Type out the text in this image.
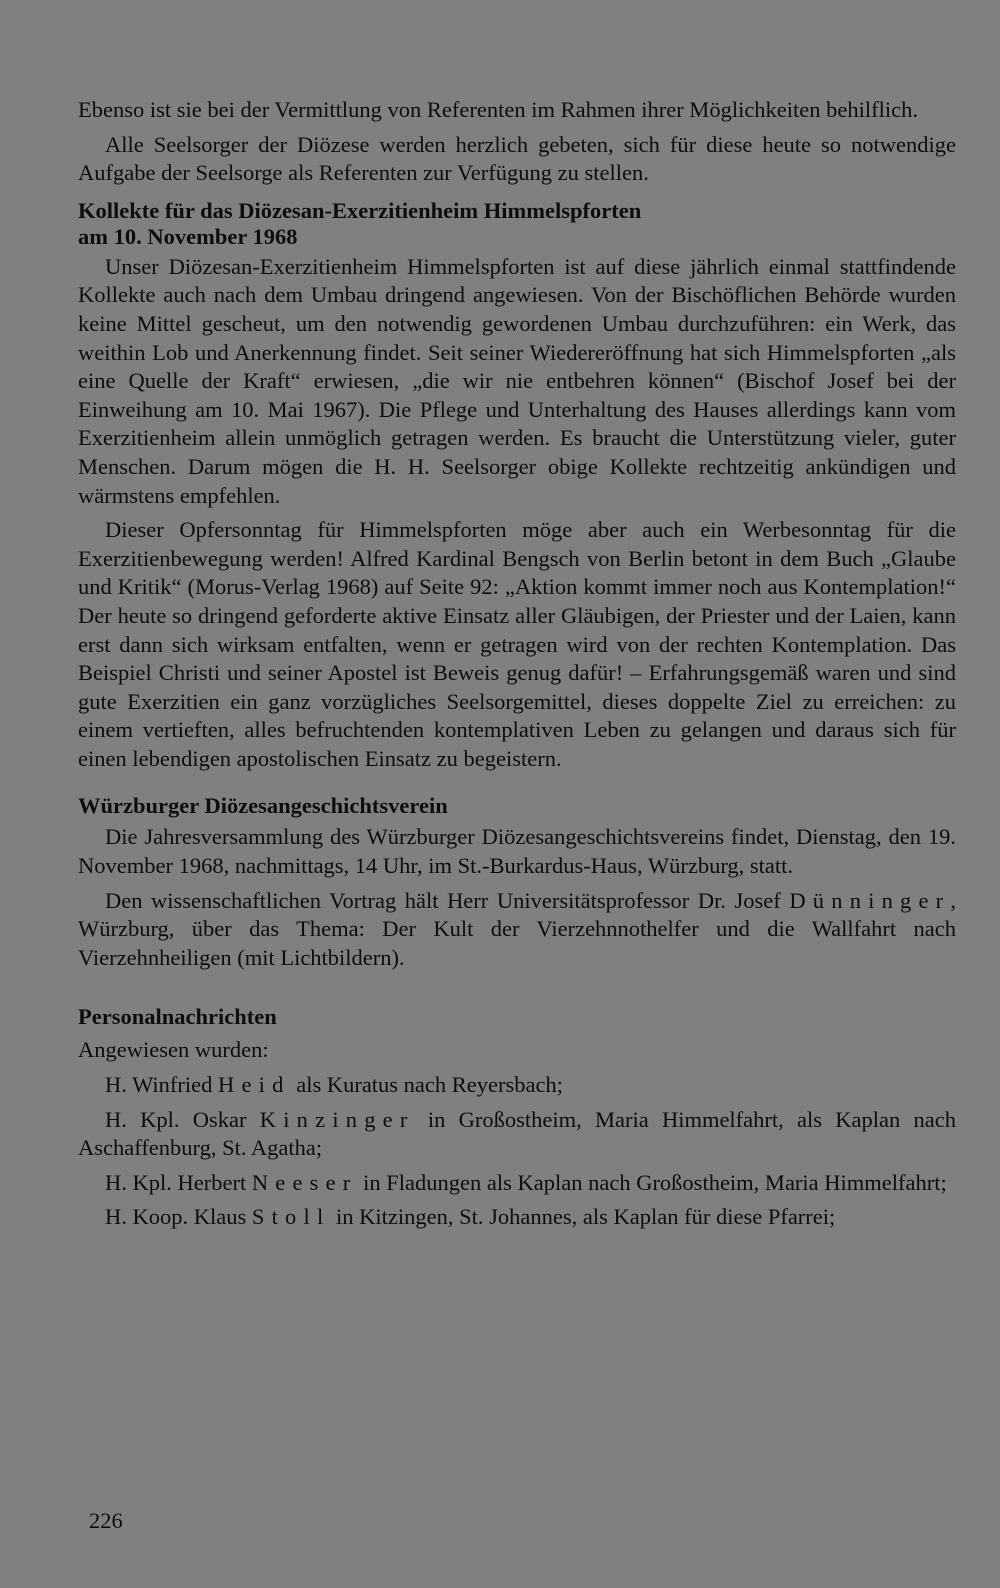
Ebenso ist sie bei der Vermittlung von Referenten im Rahmen ihrer Möglichkeiten behilflich.

Alle Seelsorger der Diözese werden herzlich gebeten, sich für diese heute so notwendige Aufgabe der Seelsorge als Referenten zur Verfügung zu stellen.

Kollekte für das Diözesan-Exerzitienheim Himmelspforten
am 10. November 1968

Unser Diözesan-Exerzitienheim Himmelspforten ist auf diese jährlich einmal stattfindende Kollekte auch nach dem Umbau dringend angewiesen. Von der Bischöflichen Behörde wurden keine Mittel gescheut, um den notwendig gewordenen Umbau durchzuführen: ein Werk, das weithin Lob und Anerkennung findet. Seit seiner Wiedereröffnung hat sich Himmelspforten „als eine Quelle der Kraft“ erwiesen, „die wir nie entbehren können“ (Bischof Josef bei der Einweihung am 10. Mai 1967). Die Pflege und Unterhaltung des Hauses allerdings kann vom Exerzitienheim allein unmöglich getragen werden. Es braucht die Unterstützung vieler, guter Menschen. Darum mögen die H. H. Seelsorger obige Kollekte rechtzeitig ankündigen und wärmstens empfehlen.

Dieser Opfersonntag für Himmelspforten möge aber auch ein Werbesonntag für die Exerzitienbewegung werden! Alfred Kardinal Bengsch von Berlin betont in dem Buch „Glaube und Kritik“ (Morus-Verlag 1968) auf Seite 92: „Aktion kommt immer noch aus Kontemplation!“ Der heute so dringend geforderte aktive Einsatz aller Gläubigen, der Priester und der Laien, kann erst dann sich wirksam entfalten, wenn er getragen wird von der rechten Kontemplation. Das Beispiel Christi und seiner Apostel ist Beweis genug dafür! – Erfahrungsgemäß waren und sind gute Exerzitien ein ganz vorzügliches Seelsorgemittel, dieses doppelte Ziel zu erreichen: zu einem vertieften, alles befruchtenden kontemplativen Leben zu gelangen und daraus sich für einen lebendigen apostolischen Einsatz zu begeistern.

Würzburger Diözesangeschichtsverein

Die Jahresversammlung des Würzburger Diözesangeschichtsvereins findet, Dienstag, den 19. November 1968, nachmittags, 14 Uhr, im St.-Burkardus-Haus, Würzburg, statt.

Den wissenschaftlichen Vortrag hält Herr Universitätsprofessor Dr. Josef Dünninger, Würzburg, über das Thema: Der Kult der Vierzehnnothelfer und die Wallfahrt nach Vierzehnheiligen (mit Lichtbildern).

Personalnachrichten

Angewiesen wurden:

H. Winfried Heid als Kuratus nach Reyersbach;

H. Kpl. Oskar Kinzinger in Großostheim, Maria Himmelfahrt, als Kaplan nach Aschaffenburg, St. Agatha;

H. Kpl. Herbert Neeser in Fladungen als Kaplan nach Großostheim, Maria Himmelfahrt;

H. Koop. Klaus Stoll in Kitzingen, St. Johannes, als Kaplan für diese Pfarrei;

226
